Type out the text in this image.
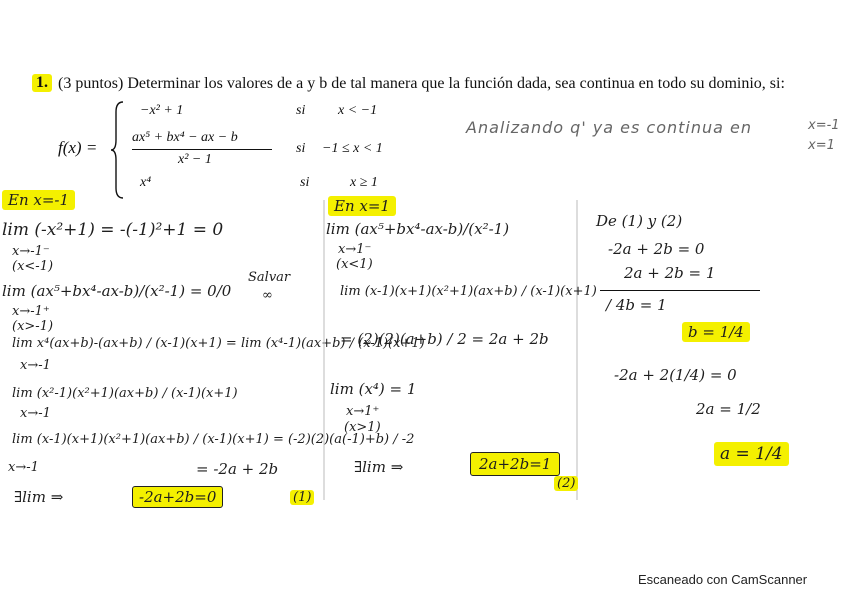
1. (3 puntos) Determinar los valores de a y b de tal manera que la función dada, sea continua en todo su dominio, si:
f(x) =
−x² + 1	si x < −1
ax⁵ + bx⁴ − ax − b
x² − 1
si −1 ≤ x < 1
x⁴	si	x ≥ 1
Analizando q' ya es continua en	x=-1
x=1
En x=-1
lim (-x²+1) = -(-1)²+1 = 0
x→-1⁻
(x<-1)
lim (ax⁵+bx⁴-ax-b)/(x²-1) = 0/0
Salvar
∞
x→-1⁺
(x>-1)
lim x⁴(ax+b)-(ax+b) / (x-1)(x+1) = lim (x⁴-1)(ax+b) / (x-1)(x+1)
x→-1
lim (x²-1)(x²+1)(ax+b) / (x-1)(x+1)
x→-1
lim (x-1)(x+1)(x²+1)(ax+b) / (x-1)(x+1) = (-2)(2)(a(-1)+b) / -2
x→-1	= -2a + 2b
∃lim ⇒	-2a+2b=0	(1)
En x=1
lim (ax⁵+bx⁴-ax-b)/(x²-1)
x→1⁻
(x<1)
lim (x-1)(x+1)(x²+1)(ax+b) / (x-1)(x+1)
= (2)(2)(a+b) / 2 = 2a + 2b
lim (x⁴) = 1
x→1⁺
(x>1)
∃lim ⇒	2a+2b=1
(2)
De (1) y (2)
-2a + 2b = 0
2a + 2b = 1
/ 4b = 1
b = 1/4
-2a + 2(1/4) = 0
2a = 1/2
a = 1/4
Escaneado con CamScanner
